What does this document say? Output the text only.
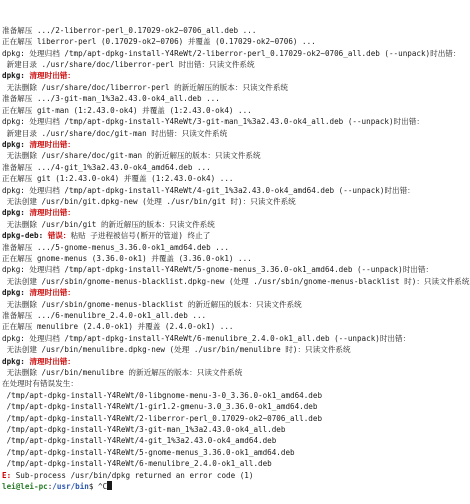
准备解压 .../2-liberror-perl_0.17029-ok2~0706_all.deb ...
正在解压 liberror-perl (0.17029-ok2~0706) 并覆盖 (0.17029-ok2~0706) ...
dpkg: 处理归档 /tmp/apt-dpkg-install-Y4ReWt/2-liberror-perl_0.17029-ok2~0706_all.deb (--unpack)时出错：
新建目录 ./usr/share/doc/liberror-perl 时出错：只读文件系统
dpkg: 清理时出错：
无法删除 /usr/share/doc/liberror-perl 的新近解压的版本：只读文件系统
准备解压 .../3-git-man_1%3a2.43.0-ok4_all.deb ...
正在解压 git-man (1:2.43.0-ok4) 并覆盖 (1:2.43.0-ok4) ...
dpkg: 处理归档 /tmp/apt-dpkg-install-Y4ReWt/3-git-man_1%3a2.43.0-ok4_all.deb (--unpack)时出错：
新建目录 ./usr/share/doc/git-man 时出错：只读文件系统
dpkg: 清理时出错：
无法删除 /usr/share/doc/git-man 的新近解压的版本：只读文件系统
准备解压 .../4-git_1%3a2.43.0-ok4_amd64.deb ...
正在解压 git (1:2.43.0-ok4) 并覆盖 (1:2.43.0-ok4) ...
dpkg: 处理归档 /tmp/apt-dpkg-install-Y4ReWt/4-git_1%3a2.43.0-ok4_amd64.deb (--unpack)时出错：
无法创建 /usr/bin/git.dpkg-new (处理 ./usr/bin/git 时)：只读文件系统
dpkg: 清理时出错：
无法删除 /usr/bin/git 的新近解压的版本：只读文件系统
dpkg-deb: 错误：粘贴 子进程被信号(断开的管道) 终止了
准备解压 .../5-gnome-menus_3.36.0-ok1_amd64.deb ...
正在解压 gnome-menus (3.36.0-ok1) 并覆盖 (3.36.0-ok1) ...
dpkg: 处理归档 /tmp/apt-dpkg-install-Y4ReWt/5-gnome-menus_3.36.0-ok1_amd64.deb (--unpack)时出错：
无法创建 /usr/sbin/gnome-menus-blacklist.dpkg-new (处理 ./usr/sbin/gnome-menus-blacklist 时)：只读文件系统
dpkg: 清理时出错：
无法删除 /usr/sbin/gnome-menus-blacklist 的新近解压的版本：只读文件系统
准备解压 .../6-menulibre_2.4.0-ok1_all.deb ...
正在解压 menulibre (2.4.0-ok1) 并覆盖 (2.4.0-ok1) ...
dpkg: 处理归档 /tmp/apt-dpkg-install-Y4ReWt/6-menulibre_2.4.0-ok1_all.deb (--unpack)时出错：
无法创建 /usr/bin/menulibre.dpkg-new (处理 ./usr/bin/menulibre 时)：只读文件系统
dpkg: 清理时出错：
无法删除 /usr/bin/menulibre 的新近解压的版本：只读文件系统
在处理时有错误发生：
/tmp/apt-dpkg-install-Y4ReWt/0-libgnome-menu-3-0_3.36.0-ok1_amd64.deb
/tmp/apt-dpkg-install-Y4ReWt/1-gir1.2-gmenu-3.0_3.36.0-ok1_amd64.deb
/tmp/apt-dpkg-install-Y4ReWt/2-liberror-perl_0.17029-ok2~0706_all.deb
/tmp/apt-dpkg-install-Y4ReWt/3-git-man_1%3a2.43.0-ok4_all.deb
/tmp/apt-dpkg-install-Y4ReWt/4-git_1%3a2.43.0-ok4_amd64.deb
/tmp/apt-dpkg-install-Y4ReWt/5-gnome-menus_3.36.0-ok1_amd64.deb
/tmp/apt-dpkg-install-Y4ReWt/6-menulibre_2.4.0-ok1_all.deb
E: Sub-process /usr/bin/dpkg returned an error code (1)
lei@lei-pc:/usr/bin$ ^C
